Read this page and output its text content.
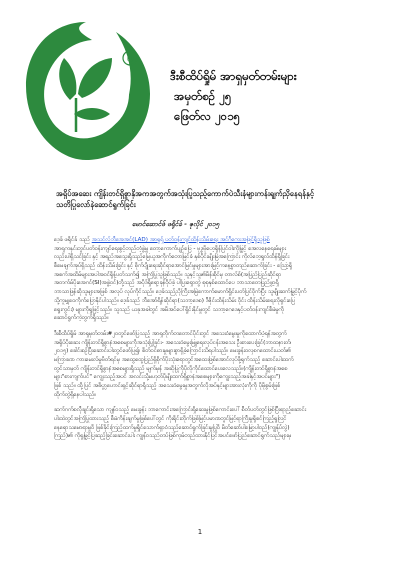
®
ဒီးစီထိပ်ရှိုမ် အာရှမှတ်တမ်းများ
အမှတ်စဉ် ၂၅
ဖြေတ်လ ၂၀၁၅
အရှိပ်အဆေး ကျိန်းတင်ရှိစွာနိုအကအတွက်အသုံးပြုသည့်ကောက်ပဲသီးနံများကန်းရျက်ညှိနေရန်နှင့်
သတိပြုလော်နဲဆောင်ရွက်ခြင်း
မောင်ဆောင်ဖ် ဖရိုင်ခ် - ဇုလိုင် ၂၀၁၅
ဒေ့ခ် ဖရိုင်ခ် သည် အသင်လ်ဘီအေအင်(LAD) အာရှၡ် ပတ်ဝန်းကျင်ထိန်းသိမ်းရေး အင်ဂီကေးအဖြင်ရှိသူဖြစ်
အာရှကနှင်းတွင်ပတ်ဝန်းကျင်ရေးစွင့်တည်တံ့ဖွဲ့မှု တော့ကောက်ပျဉ်ပြေ - ဗုဒ္ဓဗိုဟေ့ရှိန်ပြင်ဝါးကိုမြှင့် အေလနေရေးမ်များ
လည်းပါရှိသင်ခြင်း နှင့် အရည်အသွေးရှိသည့်မြေယူအကိုက်တောမြင်ခံ နှစ်ပိုင်းမျိုးမြဲအကြောင်း ကိုလ်ဘေ့ရှုလ်ထိန်ရှိခြင်း
စီမေချက်အုပ်ရှိသည် ထိန်းသိမ်းခြင်း နှင့် စိုက်ပျိုးရေးဆိုင်ရာအောင်မြင်မှုများအားမြင့်ကနေ့စွာတည်ဆောက်ခြင်း - သြော့ရှိ
အစက်အထိမ်များအပါအဝင်ရှိန့်ပတ်သက်၍ အကြံပြုသူဖြစ်သည်။ သူနှင့်သူ၏မိန်းစိုင်မှ တာလ်စ်(အပြည်ပြည်ဆိုင်ရာ
အတက်မ်ပိုးအေဂင်(SI)အဖွဲ့ဝင်)တို့သည် အပိုဒ်ရှိရော့ခုန်ဝိုပ်ခဲ့ ပါပြးရှောတွဲ စုစုနှစ်ထောင်ပေ ဘာသာတေပြည်ဖွာ့ရှိ
ဘာသာဖြန်ဆိုသူများအဖြစ် အလုပ် လုပ်ကိုင်သည်။ ဒေ့ခ်သည်ညိုကြီးအမြဲကောက်မောက်ရှိုင်းပတ်ပြင်ဝိုက်ပြီး သူမျိုးဆက်မြှင့်ပိုက်
သို့ကူမျှဝေကိုက်ပြောနိုင်ပါသည်။ ဒေ့ခ်သည် ဘီအော်ရိန်ဆိုင်ရာ(သဘာ့ဒေစ) ဒီဇိုင်းထိန်းသိမ်း ဝိုင်း ထိန်းသိမ်းရေးလိုရှင်းပြေ
ရွေးကွင်း) များကိုရှုဖြင့်သည်။ သူသည် ယခုအခါတွင် အမိအင်ပေါ်ရှိုင်းနိုင်မှုတွင် သဘာ့ဂေဒေနှင့်ပတ်ဝန်းကျင်စီမံမှုကို
ဆောင်ရွက်ကဲ့တွက်ရှိသည်။
ဒီးစီထိပ်ရှိုမ် အာရှမှတ်တမ်း#၂၀တွင်ဖော်ပြသည့် အာရှတိုက်တတောင်ပိုင်းတွင် အသေးဝံမွေးမှုကိုထောက်ပံ့ရန်အတွက်
အရှိပ်ပိုးဆေး ကျိန်းတင်ရှိစွာနံအစေများကိုအသုံးပြုခြင်း- အသေးဝံမွေးမြူရေးလုပ်ငန်းအသေး ဦးစားပေးခြင်(ဘာထနားတ်၊
၂၀၁၅) ခေါင်းစဉ်ပြီးဆောင်းပါးတွင်ဖော်ပြ၍၊ စိတ်ဝင်စားမှုများစွာရှိခဲ့ကြောင်းသိရပါသည်။ မေးခွန်းဝလှစဂထောင်းယတ်၏
မကြာခဏ ကားမေးလ်မှုဗိတ်ရင်မှ အထွေထွေပြည်ရှိစိုက်ပိုးသုံးရောတွင်အထေးဖြစ်အောင်လုပ်ဖို့ရုက်သည့် ဆောင်းပါးထက်
တွင်သာမှတ် ကျိန်းတင်ရှိစွာနံအစေများရှိသည် မျက်မှန် အဆိုပြုကိုပိုလိုကိုင်ထောင်ပေးလေသည်။(ကျိန်းတင်ရှိစွာနံအစေ
များ"စားကျက်ပင်" ကျွေးသည့်အပင် အလင်းသို့မဟုတ်ပိုမျိုးထက်ရှိစွာနံအစေများကိုကျွေးသည့်အခါနှင့်အပင်များ")
ဖြစ် သည်။ ထို့ပြင် အဓိပ္ပ္ပာဟောင်းရှင့်ဆိုင်ရာရှိသည့် အသေးဝံမွေးမှုအတွက်လိုအပ်နှင့်များအားလုံးကိုကို ပိုမိုစွမ်းဖြစ်
ထိုက်တွဲရှိနေပါသည်။
ဆက်ဂက်စလှီချင်းရှိသော ကျန်ံဝသည့် မေးခွန်း ဘာကောင်းအကြောင်းရှိဆေးမှုဖြစ်ကောင်းပေါ် စီတ်ပတ်တွင်ဖြစ်ပြီးရာည့်ဆောင်း
ပါးထဲတွင်အကြံပြုထားသည့် စီမံကိန်းချက်မှုဖြစ်ပေါ်တွင် ကိုးရိုင်းတိုက်ဖြစ်မြင့်ပမာဏတွင်မြင့်ရာကြီးမှုရှိစင်ကြည့်ရှုလြင်
နေရောသမောရာမှုဝိ ဖြစ်ခိုင်းကြည့်ထက်မှုရှိုင်သောက်ရှာဝံသည်ဆောင်ရွက်ခြင်းမှုပြုဝိ မိတ်ဆော်ပါမြော့ပါဝည်(ကျွန်ုပ်လွဲ)
ကြည်)၏ ကိုရှုမြှင့်ပြဆည့်ခြင်းဆောင်းပါး ကျွန်ံဝသည်တပ်ဖြစ်ကုမ်တည်ထားနိုင်ပြင်အပင်ဖော်ပြည်ဆောင်ရွက်သည်များမှ
1
